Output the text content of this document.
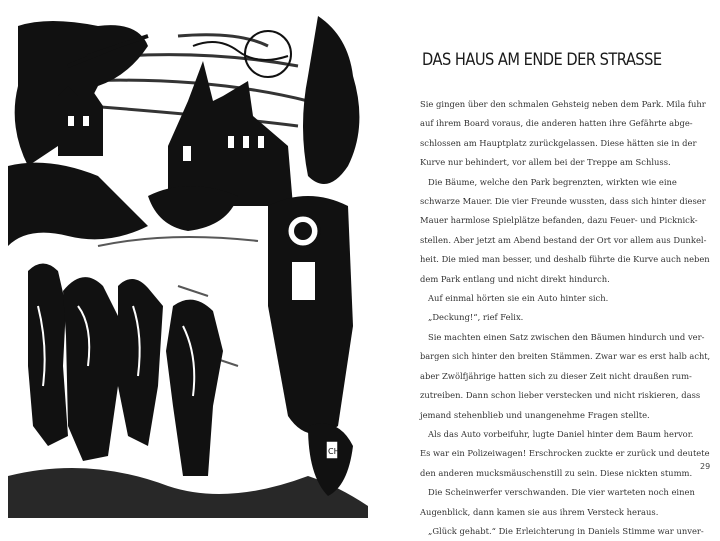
CH
DAS HAUS AM ENDE DER STRASSE
Sie gingen über den schmalen Gehsteig neben dem Park. Mila fuhr
auf ihrem Board voraus, die anderen hatten ihre Gefährte abge-
schlossen am Hauptplatz zurückgelassen. Diese hätten sie in der
Kurve nur behindert, vor allem bei der Treppe am Schluss.
Die Bäume, welche den Park begrenzten, wirkten wie eine
schwarze Mauer. Die vier Freunde wussten, dass sich hinter dieser
Mauer harmlose Spielplätze befanden, dazu Feuer- und Picknick-
stellen. Aber jetzt am Abend bestand der Ort vor allem aus Dunkel-
heit. Die mied man besser, und deshalb führte die Kurve auch neben
dem Park entlang und nicht direkt hindurch.
Auf einmal hörten sie ein Auto hinter sich.
„Deckung!“, rief Felix.
Sie machten einen Satz zwischen den Bäumen hindurch und ver-
bargen sich hinter den breiten Stämmen. Zwar war es erst halb acht,
aber Zwölfjährige hatten sich zu dieser Zeit nicht draußen rum-
zutreiben. Dann schon lieber verstecken und nicht riskieren, dass
jemand stehenblieb und unangenehme Fragen stellte.
Als das Auto vorbeifuhr, lugte Daniel hinter dem Baum hervor.
Es war ein Polizeiwagen! Erschrocken zuckte er zurück und deutete
den anderen mucksmäuschenstill zu sein. Diese nickten stumm.
Die Scheinwerfer verschwanden. Die vier warteten noch einen
Augenblick, dann kamen sie aus ihrem Versteck heraus.
„Glück gehabt.“ Die Erleichterung in Daniels Stimme war unver-
29
